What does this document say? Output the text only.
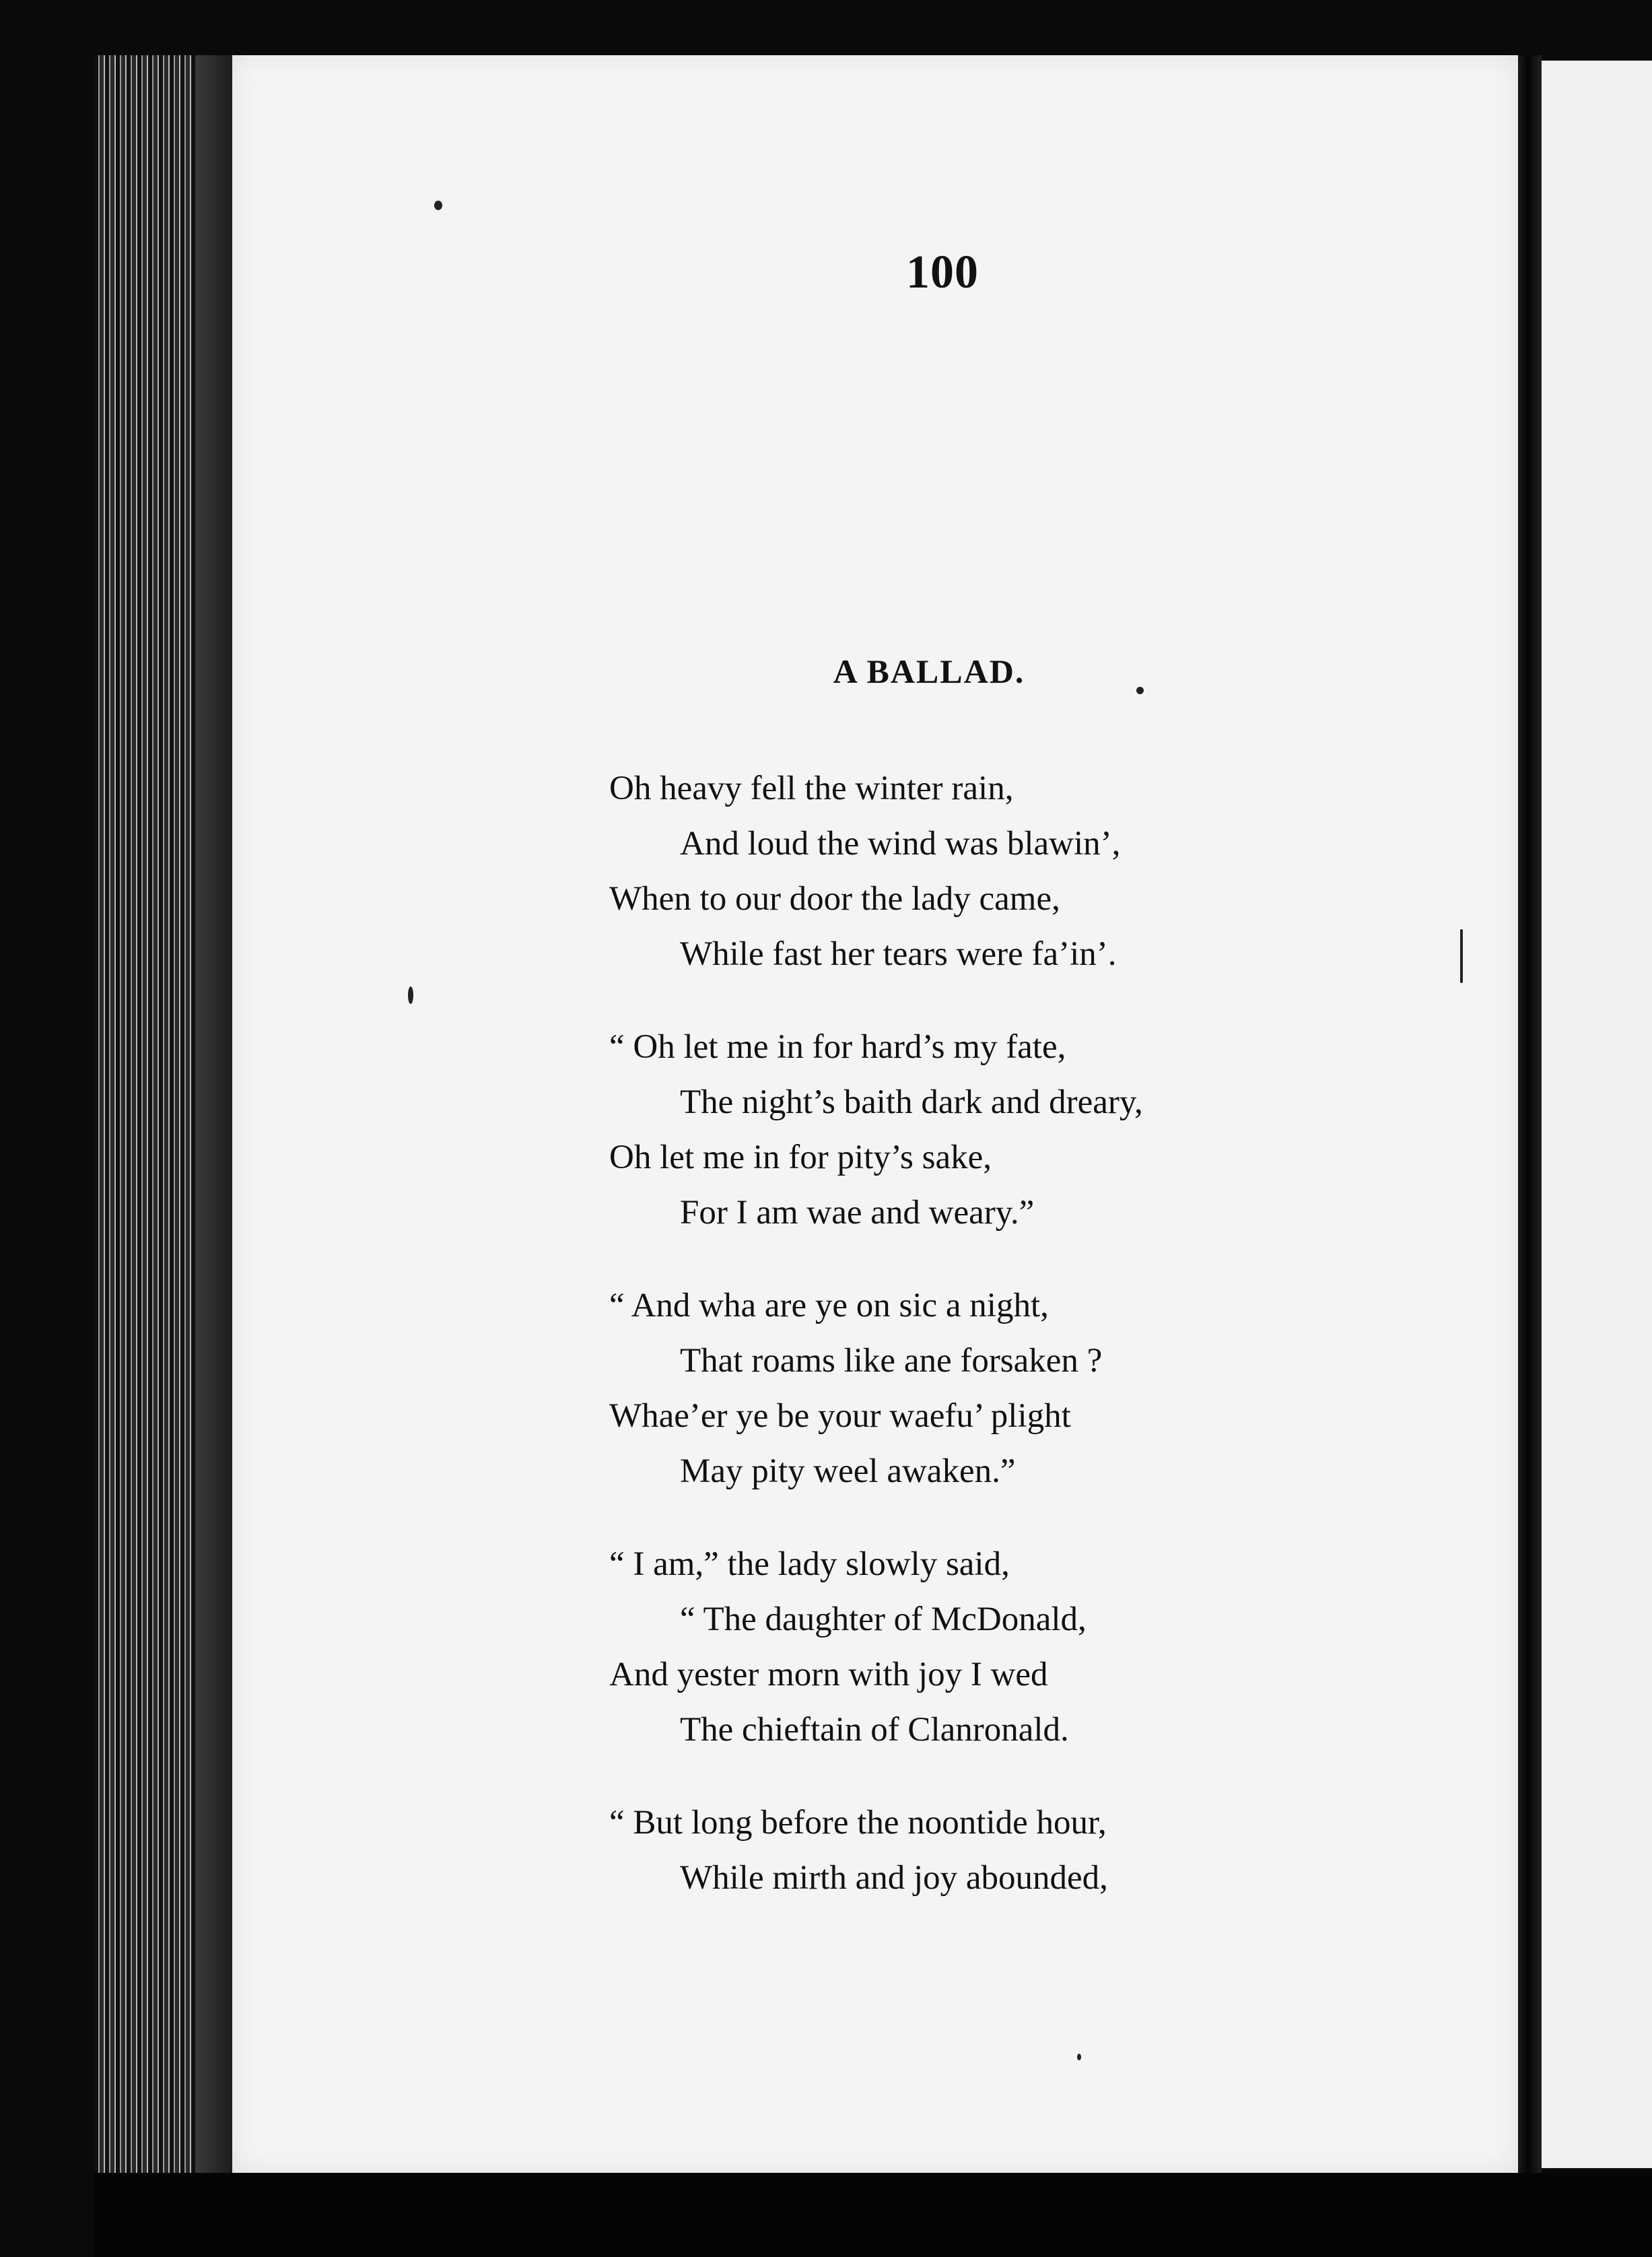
100
A BALLAD.
Oh heavy fell the winter rain,
And loud the wind was blawin’,
When to our door the lady came,
While fast her tears were fa’in’.
“ Oh let me in for hard’s my fate,
The night’s baith dark and dreary,
Oh let me in for pity’s sake,
For I am wae and weary.”
“ And wha are ye on sic a night,
That roams like ane forsaken ?
Whae’er ye be your waefu’ plight
May pity weel awaken.”
“ I am,” the lady slowly said,
“ The daughter of McDonald,
And yester morn with joy I wed
The chieftain of Clanronald.
“ But long before the noontide hour,
While mirth and joy abounded,
